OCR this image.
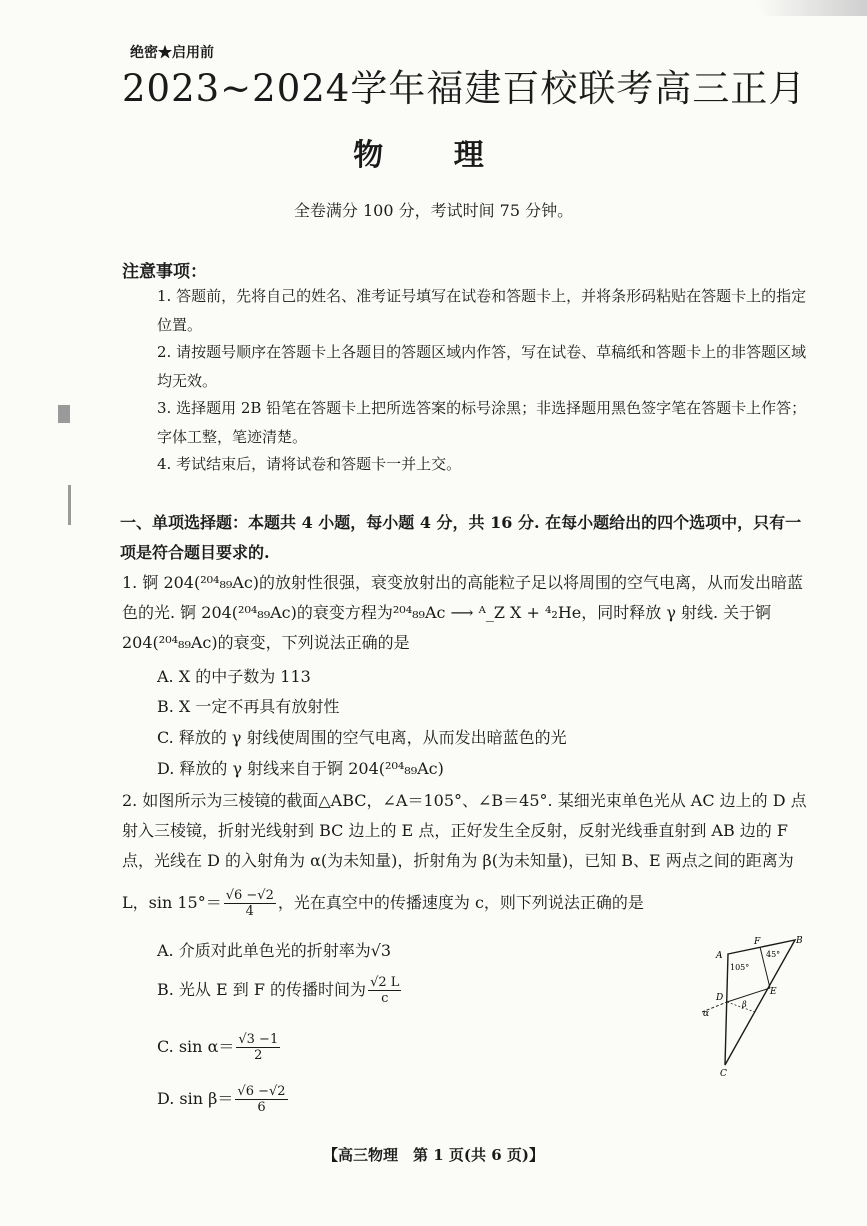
绝密★启用前
2023~2024学年福建百校联考高三正月
物 理
全卷满分 100 分，考试时间 75 分钟。
注意事项：
1. 答题前，先将自己的姓名、准考证号填写在试卷和答题卡上，并将条形码粘贴在答题卡上的指定位置。
2. 请按题号顺序在答题卡上各题目的答题区域内作答，写在试卷、草稿纸和答题卡上的非答题区域均无效。
3. 选择题用 2B 铅笔在答题卡上把所选答案的标号涂黑；非选择题用黑色签字笔在答题卡上作答；字体工整，笔迹清楚。
4. 考试结束后，请将试卷和答题卡一并上交。
一、单项选择题：本题共 4 小题，每小题 4 分，共 16 分. 在每小题给出的四个选项中，只有一项是符合题目要求的.
1. 锕 204(²⁰⁴₈₉Ac)的放射性很强，衰变放射出的高能粒子足以将周围的空气电离，从而发出暗蓝色的光. 锕 204(²⁰⁴₈₉Ac)的衰变方程为²⁰⁴₈₉Ac ⟶ ᴬ_Z X + ⁴₂He，同时释放 γ 射线. 关于锕204(²⁰⁴₈₉Ac)的衰变，下列说法正确的是
A. X 的中子数为 113
B. X 一定不再具有放射性
C. 释放的 γ 射线使周围的空气电离，从而发出暗蓝色的光
D. 释放的 γ 射线来自于锕 204(²⁰⁴₈₉Ac)
2. 如图所示为三棱镜的截面△ABC，∠A＝105°、∠B＝45°. 某细光束单色光从 AC 边上的 D 点射入三棱镜，折射光线射到 BC 边上的 E 点，正好发生全反射，反射光线垂直射到 AB 边的 F 点，光线在 D 的入射角为 α(为未知量)，折射角为 β(为未知量)，已知 B、E 两点之间的距离为
L，$\sin 15^\circ= \frac{√6 -√2}{4}$ ，光在真空中的传播速度为 c，则下列说法正确的是
A. 介质对此单色光的折射率为√3
B. 光从 E 到 F 的传播时间为 $\frac{√2 L}{c}$
C. $\sin \alpha= \frac{√3 -1}{2}$
D. $\sin \beta= \frac{√6 -√2}{6}$
A
B
C
D
E
F
105°
45°
α
β
【高三物理　第 1 页(共 6 页)】
